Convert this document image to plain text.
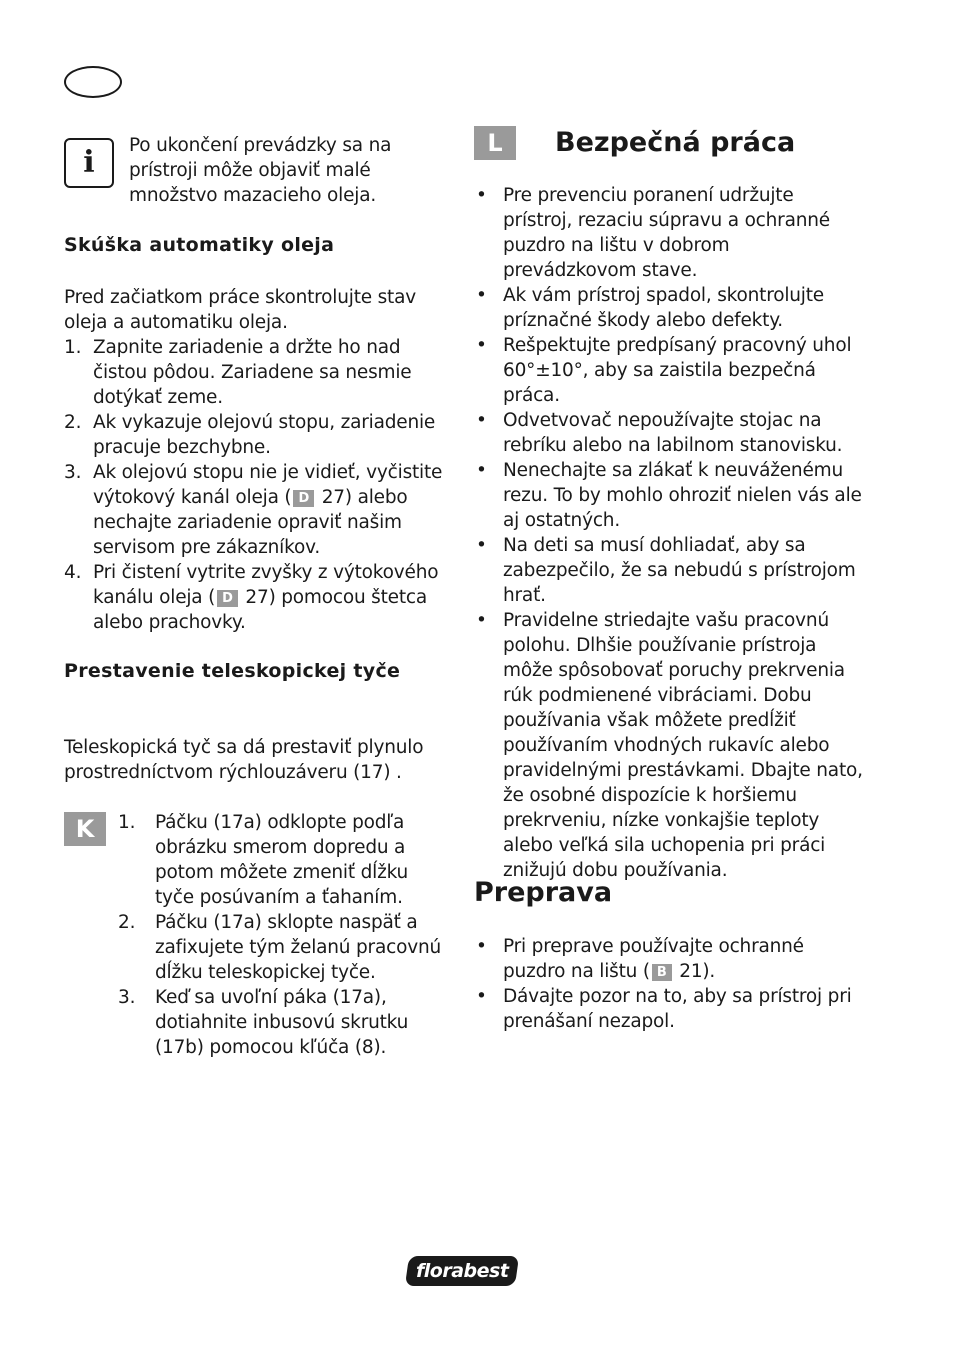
i Po ukončení prevádzky sa na prístroji môže objaviť malé množstvo mazacieho oleja.
Skúška automatiky oleja
Pred začiatkom práce skontrolujte stav oleja a automatiku oleja.
1. Zapnite zariadenie a držte ho nad čistou pôdou. Zariadene sa nesmie dotýkať zeme.
2. Ak vykazuje olejovú stopu, zariadenie pracuje bezchybne.
3. Ak olejovú stopu nie je vidieť, vyčistite výtokový kanál oleja ( D 27) alebo nechajte zariadenie opraviť našim servisom pre zákazníkov.
4. Pri čistení vytrite zvyšky z výtokového kanálu oleja ( D 27) pomocou štetca alebo prachovky.
Prestavenie teleskopickej tyče
Teleskopická tyč sa dá prestaviť plynulo prostredníctvom rýchlouzáveru (17) .
K	1. Páčku (17a) odklopte podľa obrázku smerom dopredu a potom môžete zmeniť dĺžku tyče posúvaním a ťahaním.
2. Páčku (17a) sklopte naspäť a zafixujete tým želanú pracovnú dĺžku teleskopickej tyče.
3. Keď sa uvoľní páka (17a), dotiahnite inbusovú skrutku (17b) pomocou kľúča (8).
L	Bezpečná práca
• Pre prevenciu poranení udržujte prístroj, rezaciu súpravu a ochranné puzdro na lištu v dobrom prevádzkovom stave.
• Ak vám prístroj spadol, skontrolujte príznačné škody alebo defekty.
• Rešpektujte predpísaný pracovný uhol 60°±10°, aby sa zaistila bezpečná práca.
• Odvetvovač nepoužívajte stojac na rebríku alebo na labilnom stanovisku.
• Nenechajte sa zlákať k neuváženému rezu. To by mohlo ohroziť nielen vás ale aj ostatných.
• Na deti sa musí dohliadať, aby sa zabezpečilo, že sa nebudú s prístrojom hrať.
• Pravidelne striedajte vašu pracovnú polohu. Dlhšie používanie prístroja môže spôsobovať poruchy prekrvenia rúk podmienené vibráciami. Dobu používania však môžete predĺžiť používaním vhodných rukavíc alebo pravidelnými prestávkami. Dbajte nato, že osobné dispozície k horšiemu prekrveniu, nízke vonkajšie teploty alebo veľká sila uchopenia pri práci znižujú dobu používania.
Preprava
• Pri preprave používajte ochranné puzdro na lištu ( B 21).
• Dávajte pozor na to, aby sa prístroj pri prenášaní nezapol.
florabest
